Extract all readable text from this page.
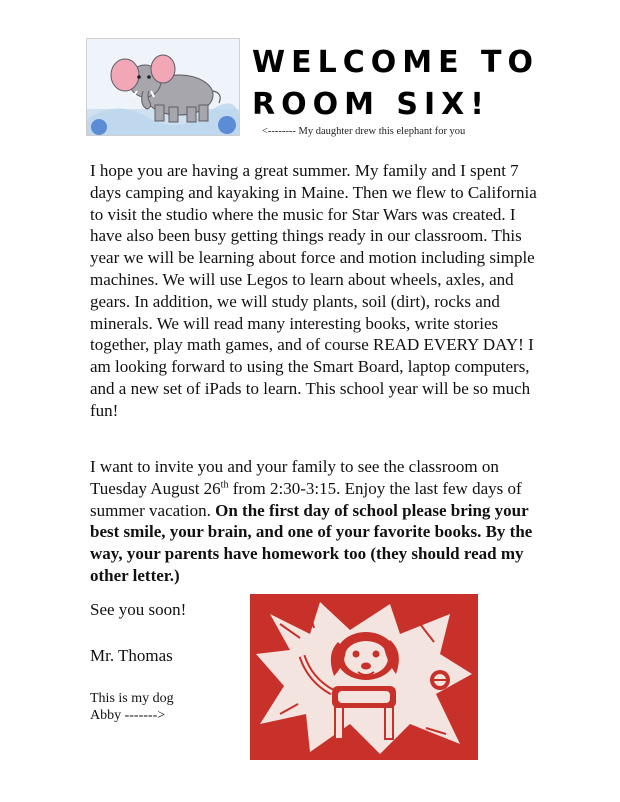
WELCOME TO
ROOM SIX!
<-------- My daughter drew this elephant for you

I hope you are having a great summer. My family and I spent 7 days camping and kayaking in Maine. Then we flew to California to visit the studio where the music for Star Wars was created. I have also been busy getting things ready in our classroom. This year we will be learning about force and motion including simple machines. We will use Legos to learn about wheels, axles, and gears. In addition, we will study plants, soil (dirt), rocks and minerals. We will read many interesting books, write stories together, play math games, and of course READ EVERY DAY! I am looking forward to using the Smart Board, laptop computers, and a new set of iPads to learn. This school year will be so much fun!

I want to invite you and your family to see the classroom on Tuesday August 26th from 2:30-3:15. Enjoy the last few days of summer vacation. On the first day of school please bring your best smile, your brain, and one of your favorite books. By the way, your parents have homework too (they should read my other letter.)

See you soon!
Mr. Thomas
This is my dog
Abby ------->
